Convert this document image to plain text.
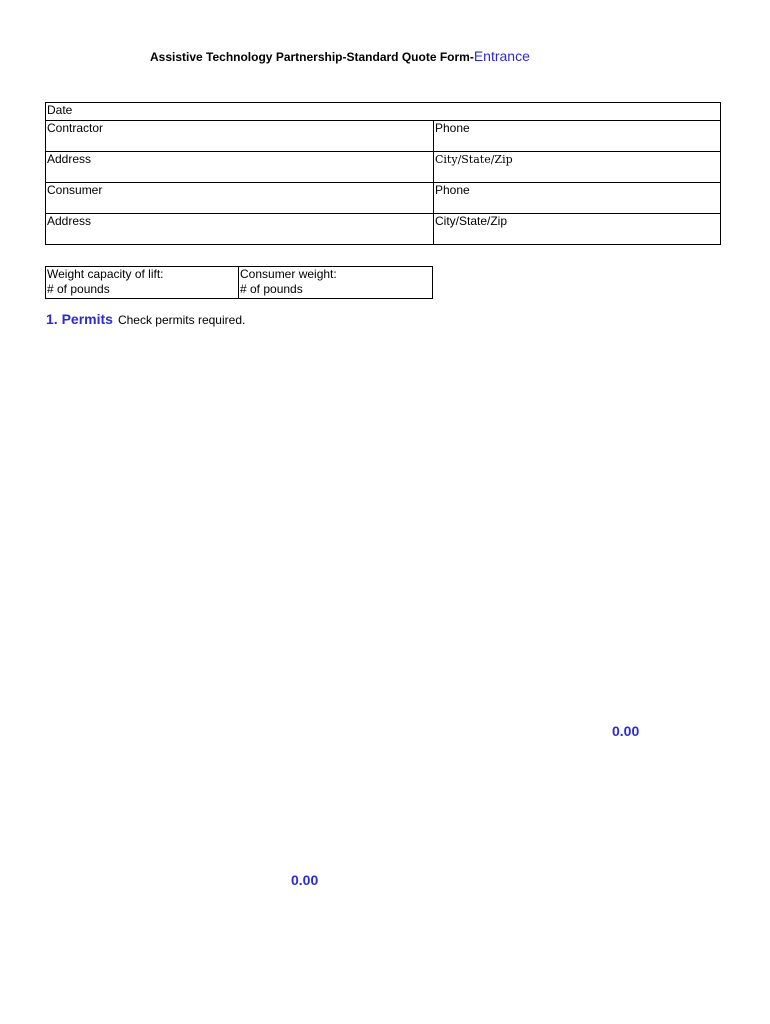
Assistive Technology Partnership-Standard Quote Form-Entrance
Date	
Contractor	Phone
Address	City/State/Zip
Consumer	Phone
Address	City/State/Zip
Weight capacity of lift:
# of pounds

Consumer weight:
# of pounds
1. Permits Check permits required.
0.00
0.00
